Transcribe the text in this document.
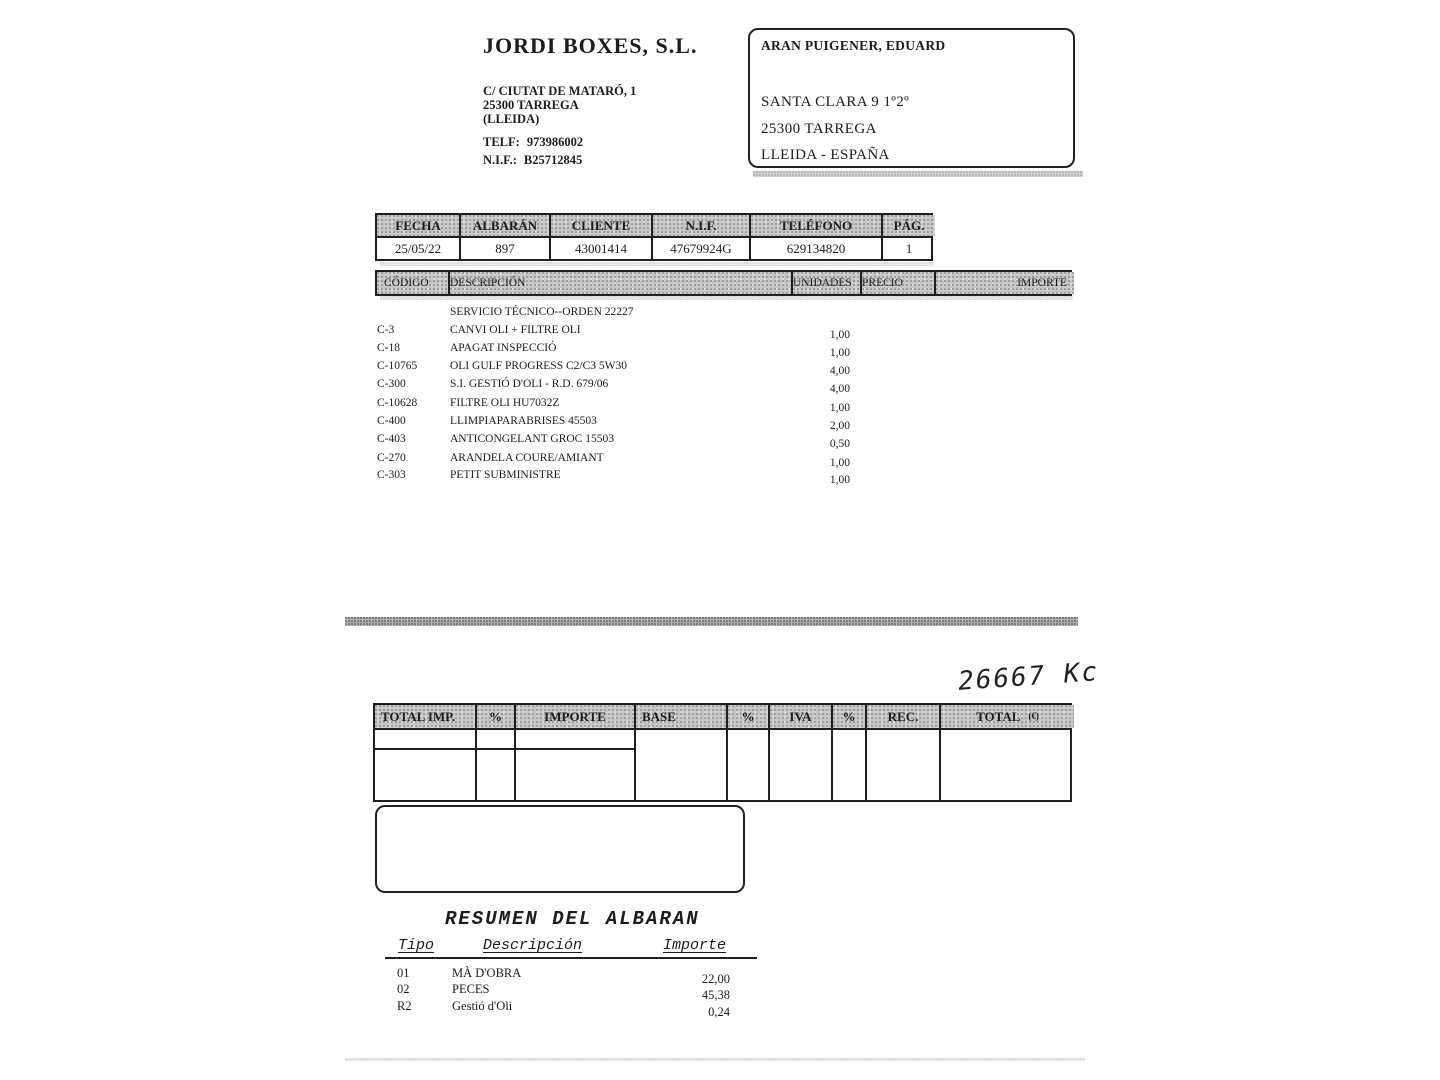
JORDI BOXES, S.L.
C/ CIUTAT DE MATARÓ, 1
25300 TARREGA
(LLEIDA)
TELF: 973986002
N.I.F.: B25712845
ARAN PUIGENER, EDUARD
SANTA CLARA 9 1º2º
25300 TARREGA
LLEIDA - ESPAÑA
FECHA	ALBARÁN	CLIENTE	N.I.F.	TELÉFONO	PÁG.
25/05/22	897	43001414	47679924G	629134820	1
CÓDIGO	DESCRIPCIÓN	UNIDADES PRECIO	IMPORTE
SERVICIO TÉCNICO--ORDEN 22227
C-3	CANVI OLI + FILTRE OLI	1,00
C-18	APAGAT INSPECCIÓ	1,00
C-10765	OLI GULF PROGRESS C2/C3 5W30	4,00
C-300	S.I. GESTIÓ D'OLI - R.D. 679/06	4,00
C-10628	FILTRE OLI HU7032Z	1,00
C-400	LLIMPIAPARABRISES 45503	2,00
C-403	ANTICONGELANT GROC 15503	0,50
C-270	ARANDELA COURE/AMIANT	1,00
C-303	PETIT SUBMINISTRE	1,00
26667 Kc
TOTAL IMP.	%	IMPORTE	BASE	%	IVA	%	REC.	TOTAL (€)
RESUMEN DEL ALBARAN
Tipo	Descripción	Importe
01	MÀ D'OBRA	22,00
02	PECES	45,38
R2	Gestió d'Oli	0,24
